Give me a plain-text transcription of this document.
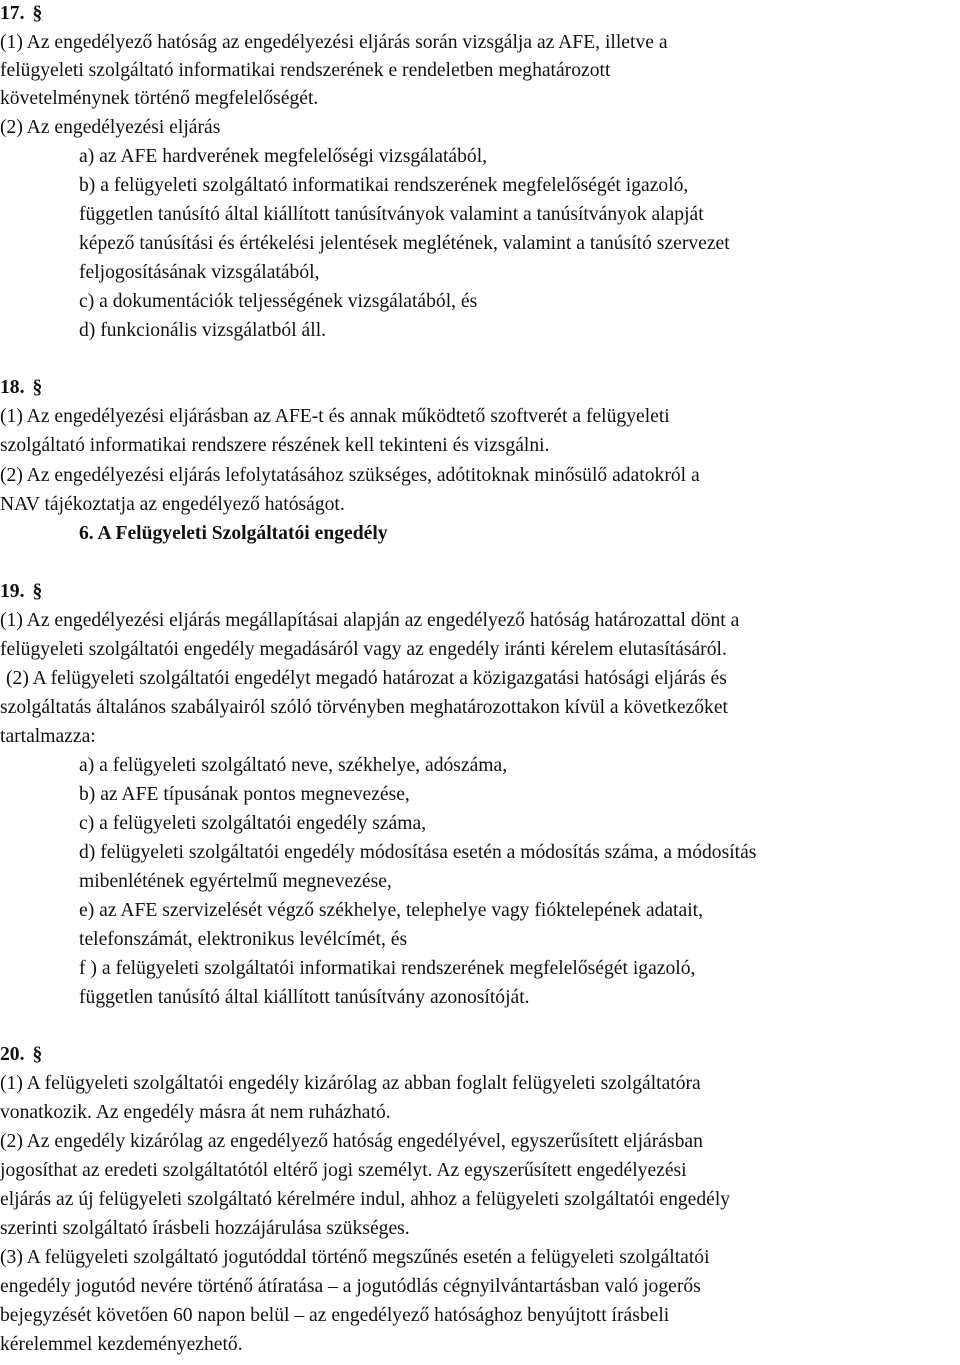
17. §
(1) Az engedélyező hatóság az engedélyezési eljárás során vizsgálja az AFE, illetve a
felügyeleti szolgáltató informatikai rendszerének e rendeletben meghatározott
követelménynek történő megfelelőségét.
(2) Az engedélyezési eljárás
a) az AFE hardverének megfelelőségi vizsgálatából,
b) a felügyeleti szolgáltató informatikai rendszerének megfelelőségét igazoló,
független tanúsító által kiállított tanúsítványok valamint a tanúsítványok alapját
képező tanúsítási és értékelési jelentések meglétének, valamint a tanúsító szervezet
feljogosításának vizsgálatából,
c) a dokumentációk teljességének vizsgálatából, és
d) funkcionális vizsgálatból áll.
18. §
(1) Az engedélyezési eljárásban az AFE-t és annak működtető szoftverét a felügyeleti
szolgáltató informatikai rendszere részének kell tekinteni és vizsgálni.
(2) Az engedélyezési eljárás lefolytatásához szükséges, adótitoknak minősülő adatokról a
NAV tájékoztatja az engedélyező hatóságot.
6. A Felügyeleti Szolgáltatói engedély
19. §
(1) Az engedélyezési eljárás megállapításai alapján az engedélyező hatóság határozattal dönt a
felügyeleti szolgáltatói engedély megadásáról vagy az engedély iránti kérelem elutasításáról.
(2) A felügyeleti szolgáltatói engedélyt megadó határozat a közigazgatási hatósági eljárás és
szolgáltatás általános szabályairól szóló törvényben meghatározottakon kívül a következőket
tartalmazza:
a) a felügyeleti szolgáltató neve, székhelye, adószáma,
b) az AFE típusának pontos megnevezése,
c) a felügyeleti szolgáltatói engedély száma,
d) felügyeleti szolgáltatói engedély módosítása esetén a módosítás száma, a módosítás
mibenlétének egyértelmű megnevezése,
e) az AFE szervizelését végző székhelye, telephelye vagy fióktelepének adatait,
telefonszámát, elektronikus levélcímét, és
f ) a felügyeleti szolgáltatói informatikai rendszerének megfelelőségét igazoló,
független tanúsító által kiállított tanúsítvány azonosítóját.
20. §
(1) A felügyeleti szolgáltatói engedély kizárólag az abban foglalt felügyeleti szolgáltatóra
vonatkozik. Az engedély másra át nem ruházható.
(2) Az engedély kizárólag az engedélyező hatóság engedélyével, egyszerűsített eljárásban
jogosíthat az eredeti szolgáltatótól eltérő jogi személyt. Az egyszerűsített engedélyezési
eljárás az új felügyeleti szolgáltató kérelmére indul, ahhoz a felügyeleti szolgáltatói engedély
szerinti szolgáltató írásbeli hozzájárulása szükséges.
(3) A felügyeleti szolgáltató jogutóddal történő megszűnés esetén a felügyeleti szolgáltatói
engedély jogutód nevére történő átíratása – a jogutódlás cégnyilvántartásban való jogerős
bejegyzését követően 60 napon belül – az engedélyező hatósághoz benyújtott írásbeli
kérelemmel kezdeményezhető.
